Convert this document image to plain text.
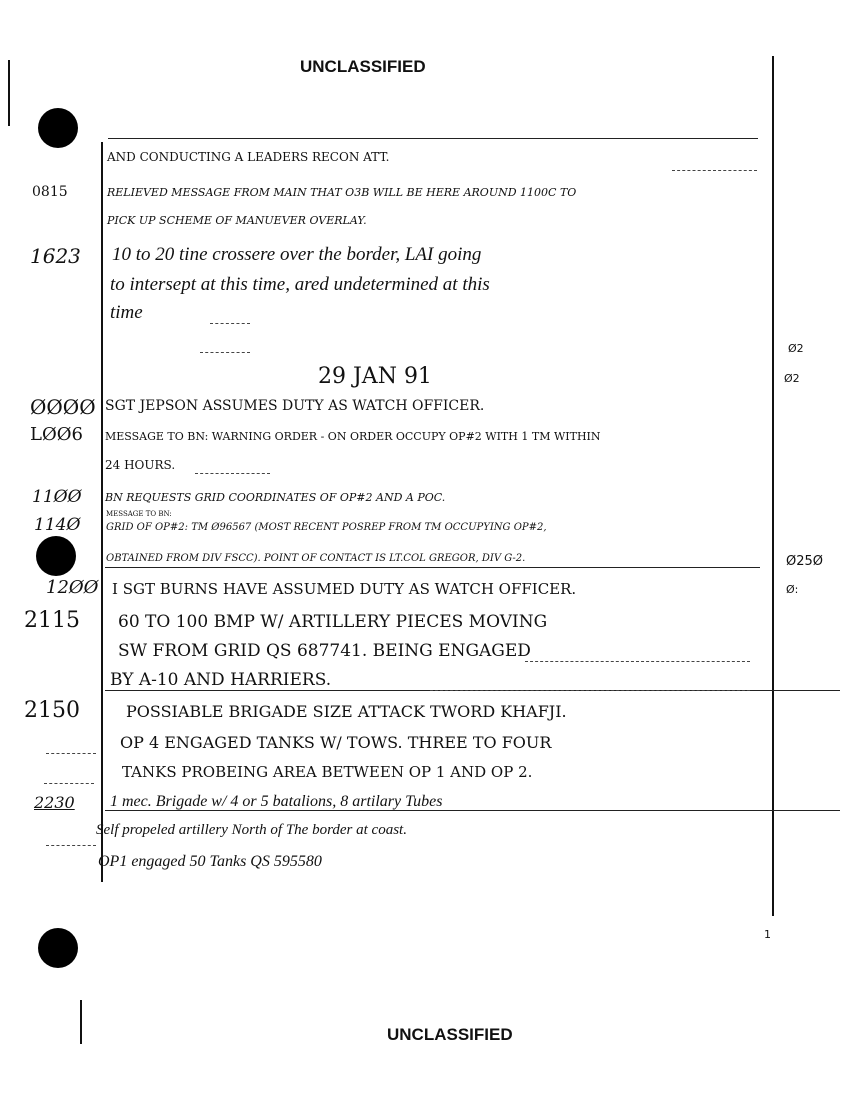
UNCLASSIFIED
UNCLASSIFIED
1
Ø2
Ø2
Ø25Ø
Ø:
AND CONDUCTING A LEADERS RECON ATT.
0815	RELIEVED MESSAGE FROM MAIN THAT O3B WILL BE HERE AROUND 1100C TO
PICK UP SCHEME OF MANUEVER OVERLAY.
1623 10 to 20 tine crossere over the border, LAI going
to intersept at this time, ared undetermined at this
time
29 JAN 91
ØØØØ SGT JEPSON ASSUMES DUTY AS WATCH OFFICER.
LØØ6 MESSAGE TO BN: WARNING ORDER - ON ORDER OCCUPY OP#2 WITH 1 TM WITHIN
24 HOURS.
11ØØ BN REQUESTS GRID COORDINATES OF OP#2 AND A POC.
114Ø
MESSAGE TO BN:
GRID OF OP#2: TM Ø96567 (MOST RECENT POSREP FROM TM OCCUPYING OP#2,
OBTAINED FROM DIV FSCC). POINT OF CONTACT IS LT.COL GREGOR, DIV G-2.
12ØØ I SGT BURNS HAVE ASSUMED DUTY AS WATCH OFFICER.
2115 60 TO 100 BMP W/ ARTILLERY PIECES MOVING
SW FROM GRID QS 687741. BEING ENGAGED
BY A-10 AND HARRIERS.
2150	POSSIABLE BRIGADE SIZE ATTACK TWORD KHAFJI.
OP 4 ENGAGED TANKS W/ TOWS. THREE TO FOUR
TANKS PROBEING AREA BETWEEN OP 1 AND OP 2.
2230 1 mec. Brigade w/ 4 or 5 batalions, 8 artilary Tubes
Self propeled artillery North of The border at coast.
OP1 engaged 50 Tanks QS 595580
